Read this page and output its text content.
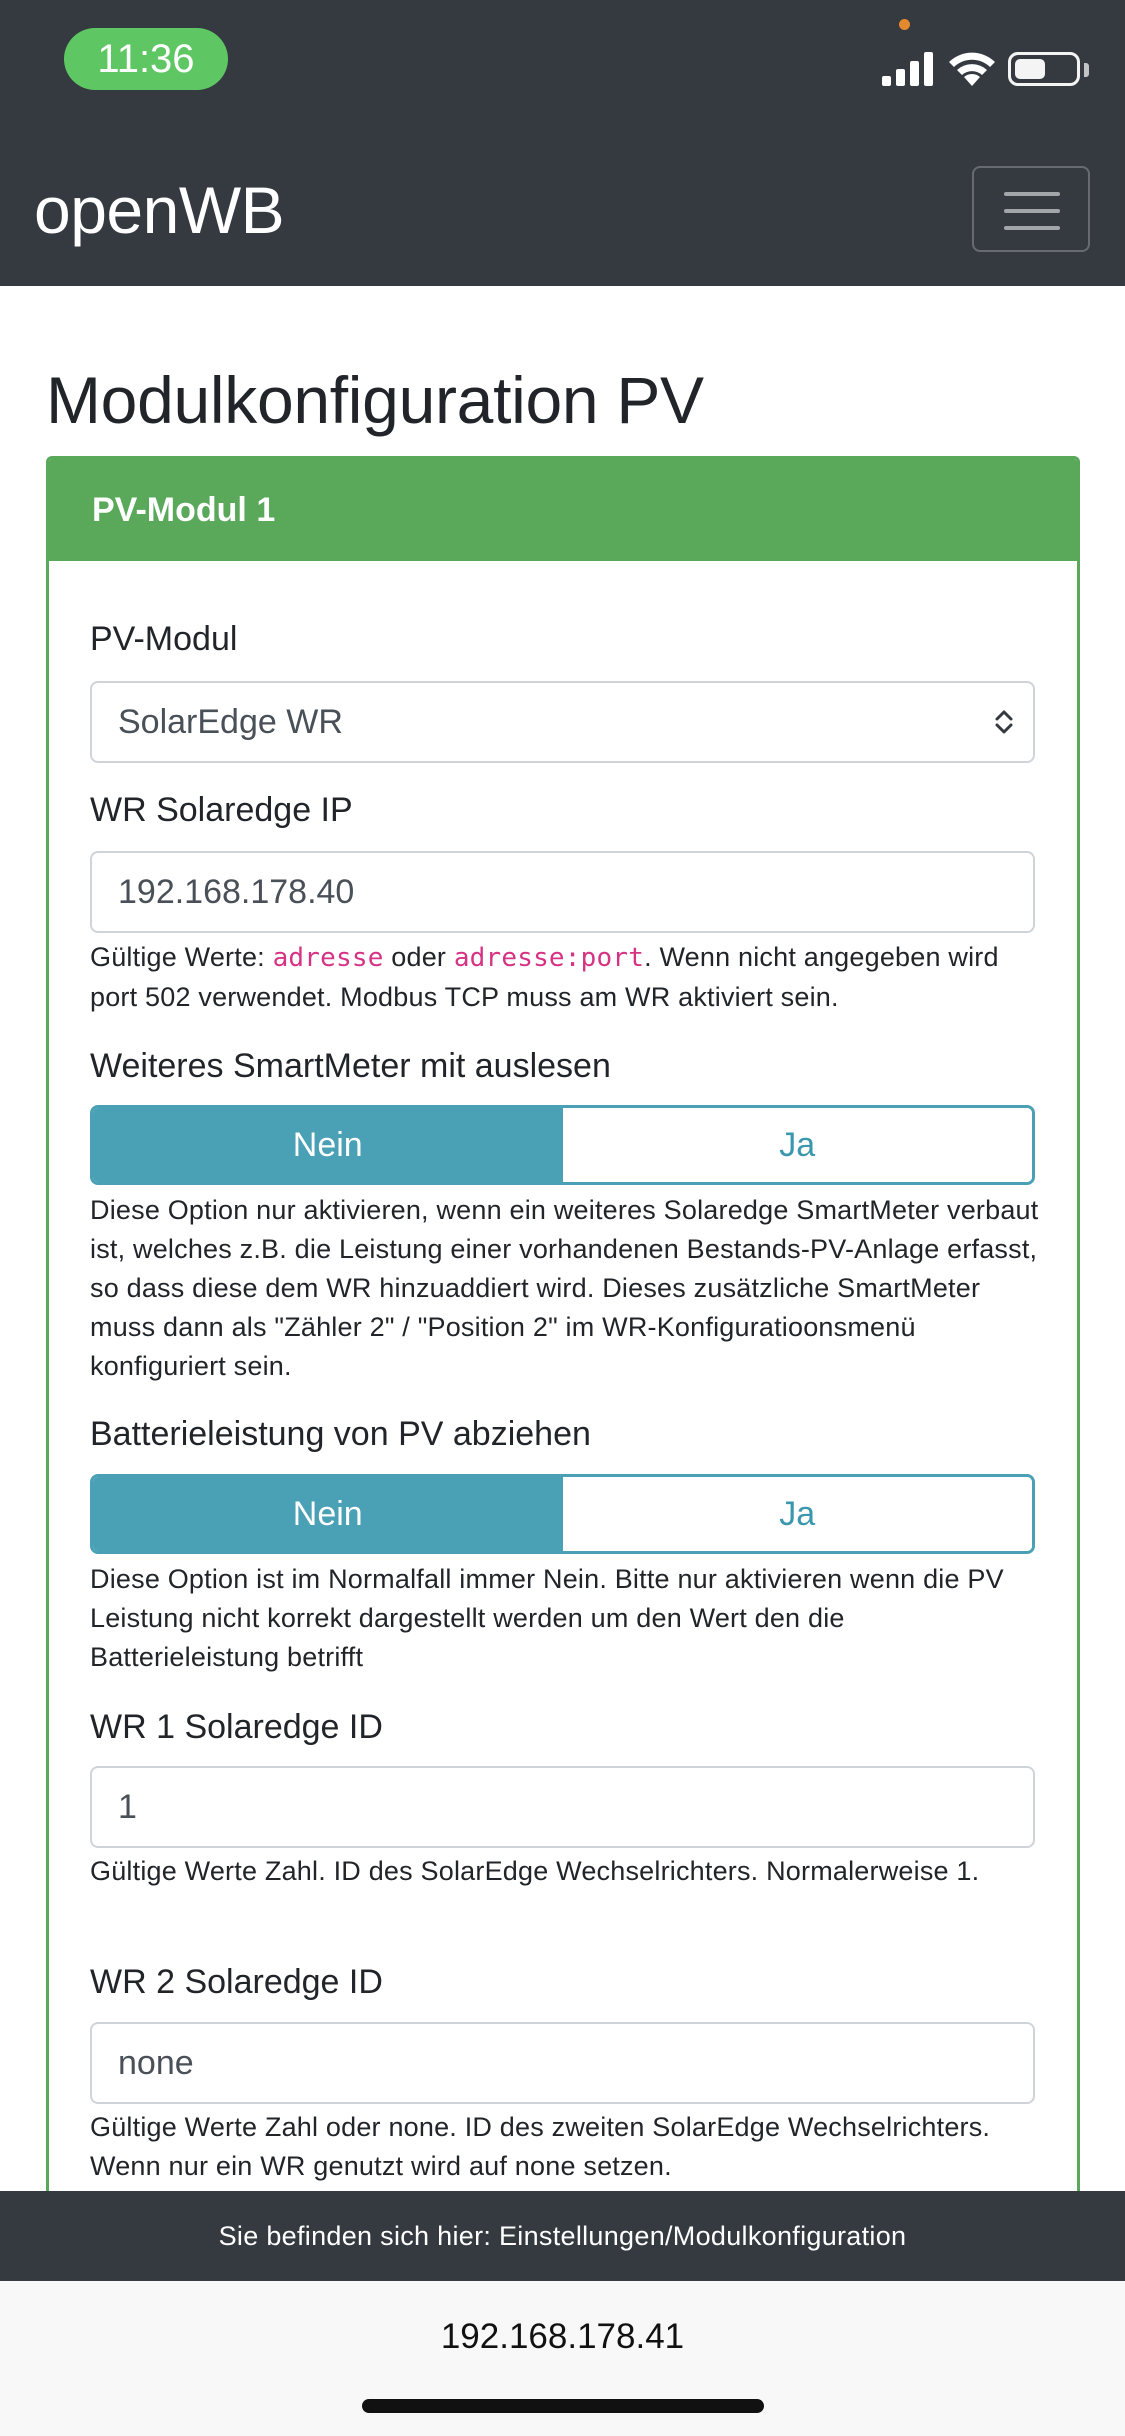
11:36
openWB
Modulkonfiguration PV
PV-Modul 1
PV-Modul
SolarEdge WR
WR Solaredge IP
192.168.178.40
Gültige Werte: adresse oder adresse:port. Wenn nicht angegeben wird port 502 verwendet. Modbus TCP muss am WR aktiviert sein.
Weiteres SmartMeter mit auslesen
Nein	Ja
Diese Option nur aktivieren, wenn ein weiteres Solaredge SmartMeter verbaut ist, welches z.B. die Leistung einer vorhandenen Bestands-PV-Anlage erfasst, so dass diese dem WR hinzuaddiert wird. Dieses zusätzliche SmartMeter muss dann als "Zähler 2" / "Position 2" im WR-Konfiguratioonsmenü konfiguriert sein.
Batterieleistung von PV abziehen
Nein	Ja
Diese Option ist im Normalfall immer Nein. Bitte nur aktivieren wenn die PV Leistung nicht korrekt dargestellt werden um den Wert den die Batterieleistung betrifft
WR 1 Solaredge ID
1
Gültige Werte Zahl. ID des SolarEdge Wechselrichters. Normalerweise 1.
WR 2 Solaredge ID
none
Gültige Werte Zahl oder none. ID des zweiten SolarEdge Wechselrichters. Wenn nur ein WR genutzt wird auf none setzen.
Sie befinden sich hier: Einstellungen/Modulkonfiguration
192.168.178.41
